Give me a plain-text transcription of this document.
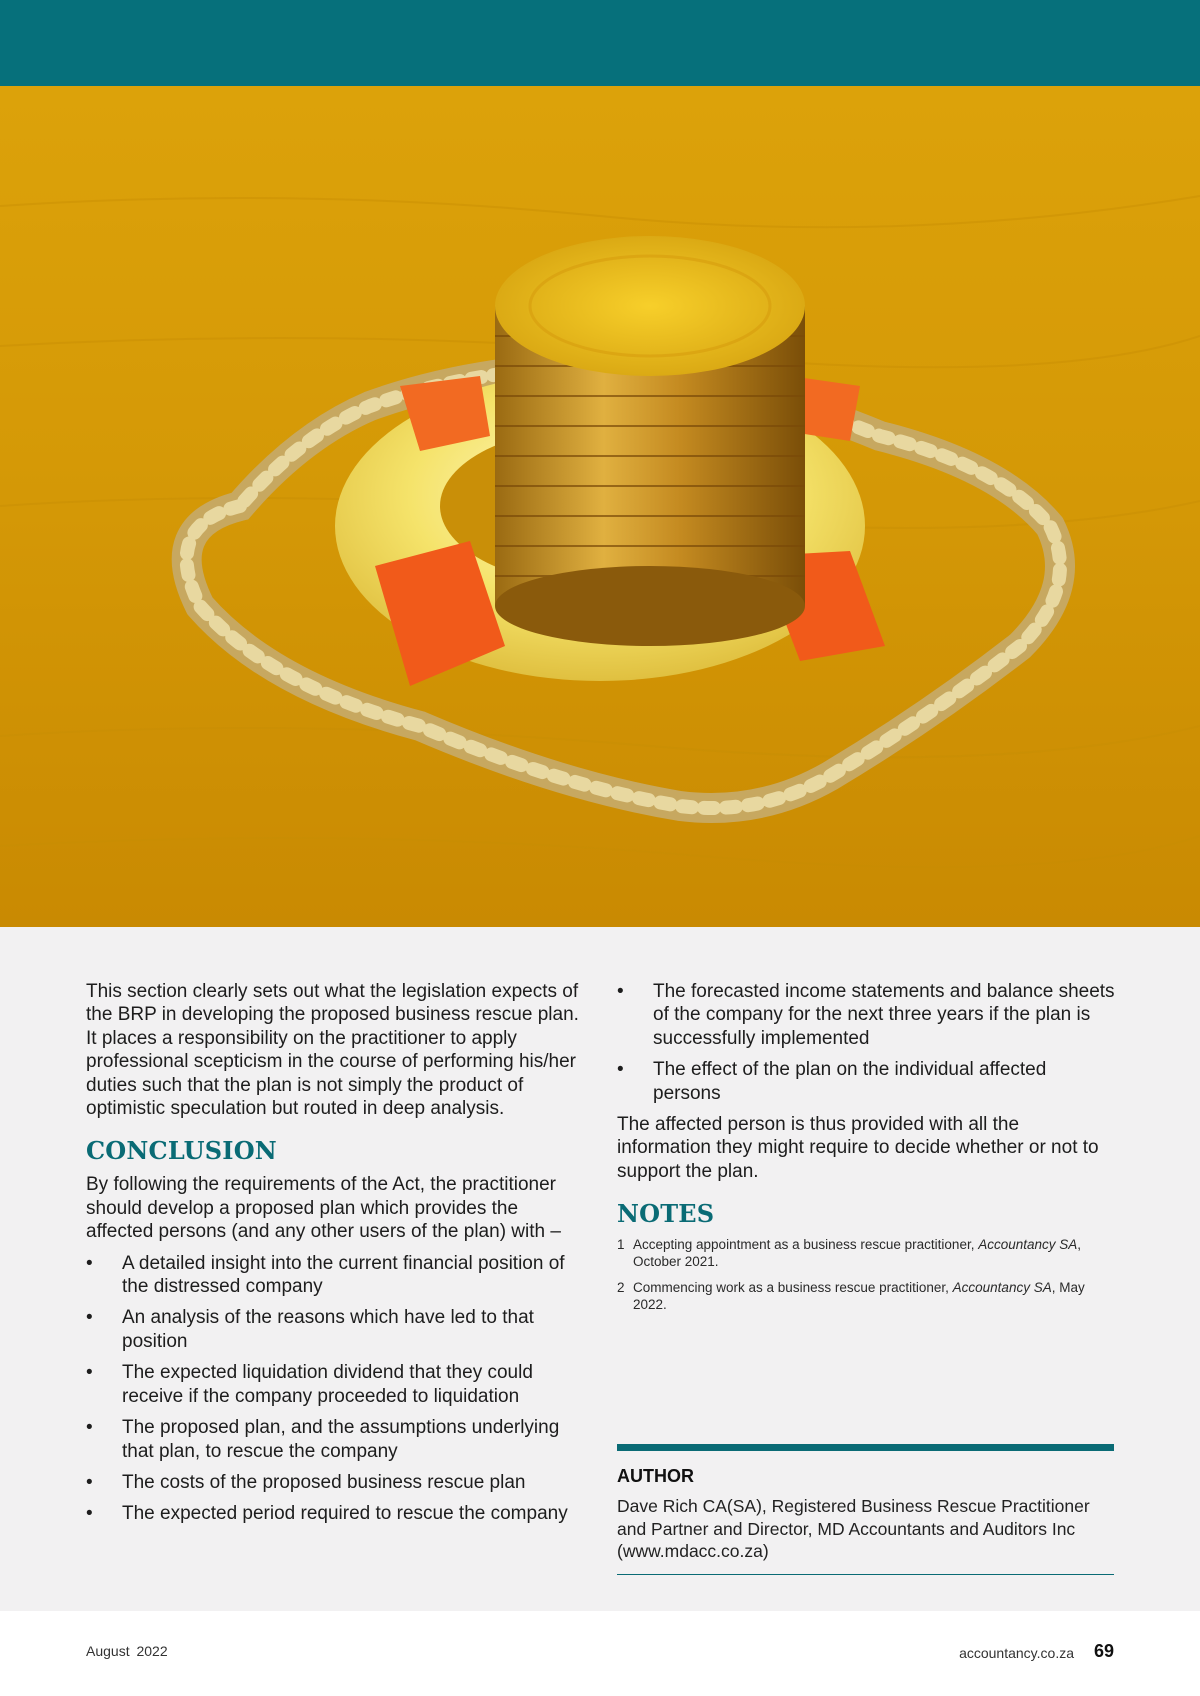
This section clearly sets out what the legislation expects of the BRP in developing the proposed business rescue plan. It places a responsibility on the practitioner to apply professional scepticism in the course of performing his/her duties such that the plan is not simply the product of optimistic speculation but routed in deep analysis.

CONCLUSION

By following the requirements of the Act, the practitioner should develop a proposed plan which provides the affected persons (and any other users of the plan) with –

• A detailed insight into the current financial position of the distressed company
• An analysis of the reasons which have led to that position
• The expected liquidation dividend that they could receive if the company proceeded to liquidation
• The proposed plan, and the assumptions underlying that plan, to rescue the company
• The costs of the proposed business rescue plan
• The expected period required to rescue the company
• The forecasted income statements and balance sheets of the company for the next three years if the plan is successfully implemented
• The effect of the plan on the individual affected persons

The affected person is thus provided with all the information they might require to decide whether or not to support the plan.

NOTES
1 Accepting appointment as a business rescue practitioner, Accountancy SA, October 2021.
2 Commencing work as a business rescue practitioner, Accountancy SA, May 2022.

AUTHOR

Dave Rich CA(SA), Registered Business Rescue Practitioner and Partner and Director, MD Accountants and Auditors Inc (www.mdacc.co.za)

August 2022	accountancy.co.za 69
